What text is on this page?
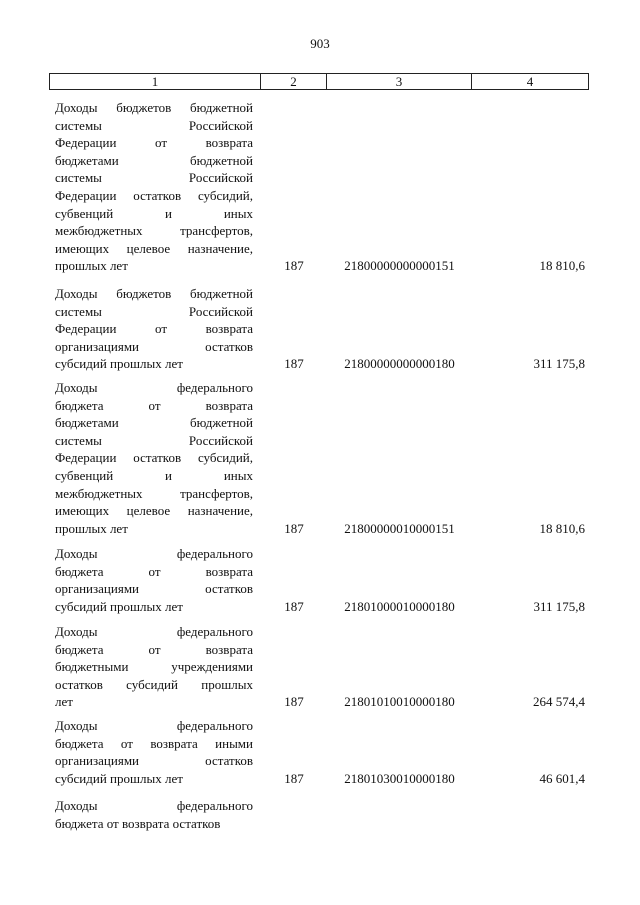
903
1	2	3	4
Доходы бюджетов бюджетной
системы Российской
Федерации от возврата
бюджетами бюджетной
системы Российской
Федерации остатков субсидий,
субвенций и иных
межбюджетных трансфертов,
имеющих целевое назначение,
прошлых лет	187	21800000000000151	18 810,6
Доходы бюджетов бюджетной
системы Российской
Федерации от возврата
организациями остатков
субсидий прошлых лет	187	21800000000000180	311 175,8
Доходы федерального
бюджета от возврата
бюджетами бюджетной
системы Российской
Федерации остатков субсидий,
субвенций и иных
межбюджетных трансфертов,
имеющих целевое назначение,
прошлых лет	187	21800000010000151	18 810,6
Доходы федерального
бюджета от возврата
организациями остатков
субсидий прошлых лет	187	21801000010000180	311 175,8
Доходы федерального
бюджета от возврата
бюджетными учреждениями
остатков субсидий прошлых
лет	187	21801010010000180	264 574,4
Доходы федерального
бюджета от возврата иными
организациями остатков
субсидий прошлых лет	187	21801030010000180	46 601,4
Доходы федерального
бюджета от возврата остатков
